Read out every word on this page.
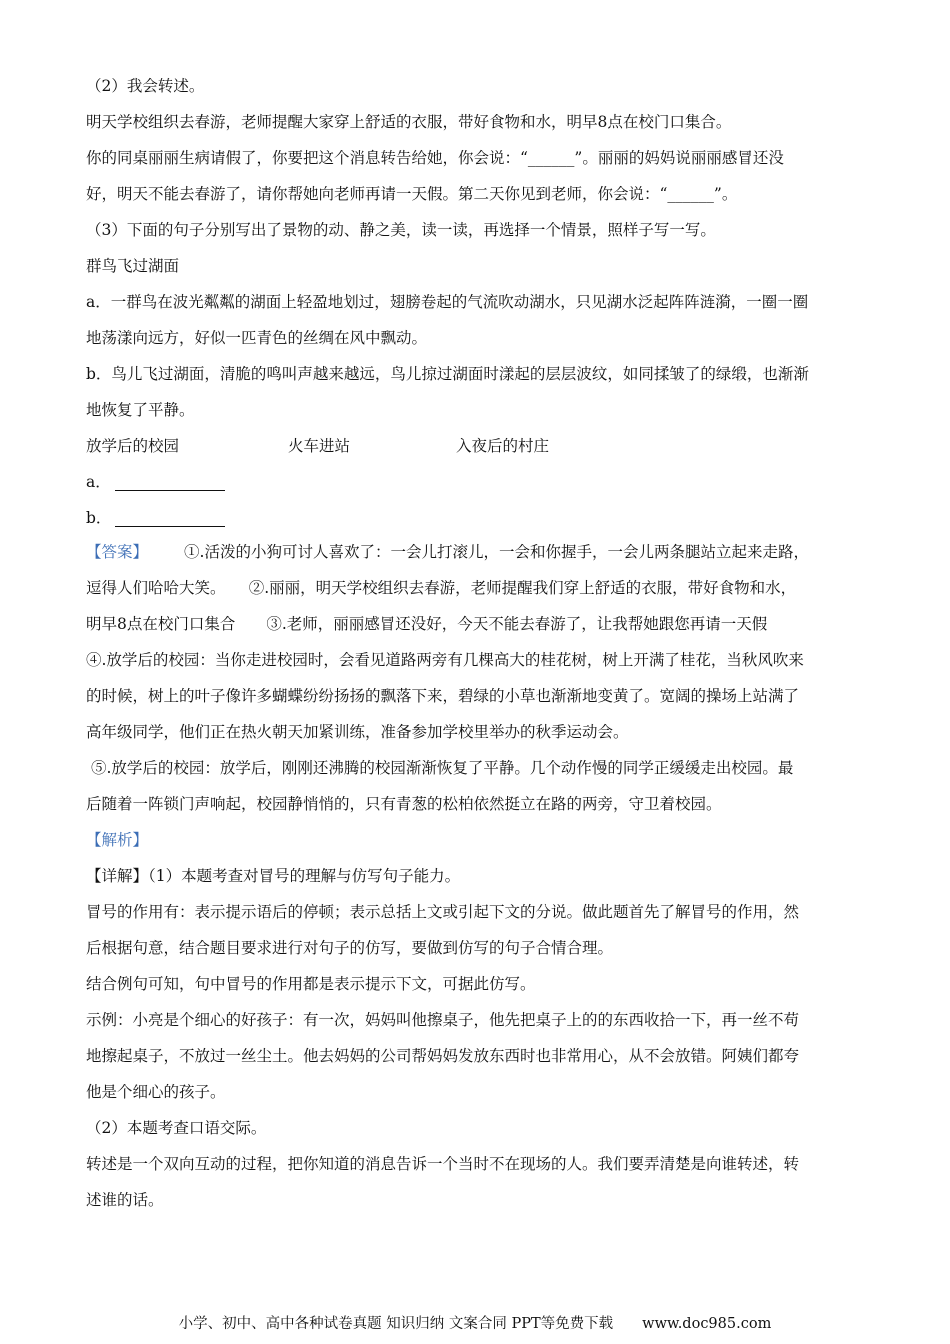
（2）我会转述。
明天学校组织去春游，老师提醒大家穿上舒适的衣服，带好食物和水，明早8点在校门口集合。
你的同桌丽丽生病请假了，你要把这个消息转告给她，你会说：“______”。丽丽的妈妈说丽丽感冒还没
好，明天不能去春游了，请你帮她向老师再请一天假。第二天你见到老师，你会说：“______”。
（3）下面的句子分别写出了景物的动、静之美，读一读，再选择一个情景，照样子写一写。
群鸟飞过湖面
a．一群鸟在波光粼粼的湖面上轻盈地划过，翅膀卷起的气流吹动湖水，只见湖水泛起阵阵涟漪，一圈一圈
地荡漾向远方，好似一匹青色的丝绸在风中飘动。
b．鸟儿飞过湖面，清脆的鸣叫声越来越远，鸟儿掠过湖面时漾起的层层波纹，如同揉皱了的绿缎，也渐渐
地恢复了平静。
放学后的校园	火车进站	入夜后的村庄
a．
b．
【答案】 ①.活泼的小狗可讨人喜欢了：一会儿打滚儿，一会和你握手，一会儿两条腿站立起来走路，
逗得人们哈哈大笑。　　②.丽丽，明天学校组织去春游，老师提醒我们穿上舒适的衣服，带好食物和水，
明早8点在校门口集合　　③.老师，丽丽感冒还没好，今天不能去春游了，让我帮她跟您再请一天假
④.放学后的校园：当你走进校园时，会看见道路两旁有几棵高大的桂花树，树上开满了桂花，当秋风吹来
的时候，树上的叶子像许多蝴蝶纷纷扬扬的飘落下来，碧绿的小草也渐渐地变黄了。宽阔的操场上站满了
高年级同学，他们正在热火朝天加紧训练，准备参加学校里举办的秋季运动会。
⑤.放学后的校园：放学后，刚刚还沸腾的校园渐渐恢复了平静。几个动作慢的同学正缓缓走出校园。最
后随着一阵锁门声响起，校园静悄悄的，只有青葱的松柏依然挺立在路的两旁，守卫着校园。
【解析】
【详解】（1）本题考查对冒号的理解与仿写句子能力。
冒号的作用有：表示提示语后的停顿；表示总括上文或引起下文的分说。做此题首先了解冒号的作用，然
后根据句意，结合题目要求进行对句子的仿写，要做到仿写的句子合情合理。
结合例句可知，句中冒号的作用都是表示提示下文，可据此仿写。
示例：小亮是个细心的好孩子：有一次，妈妈叫他擦桌子，他先把桌子上的的东西收拾一下，再一丝不苟
地擦起桌子，不放过一丝尘土。他去妈妈的公司帮妈妈发放东西时也非常用心，从不会放错。阿姨们都夸
他是个细心的孩子。
（2）本题考查口语交际。
转述是一个双向互动的过程，把你知道的消息告诉一个当时不在现场的人。我们要弄清楚是向谁转述，转
述谁的话。
小学、初中、高中各种试卷真题 知识归纳 文案合同 PPT等免费下载　　www.doc985.com
